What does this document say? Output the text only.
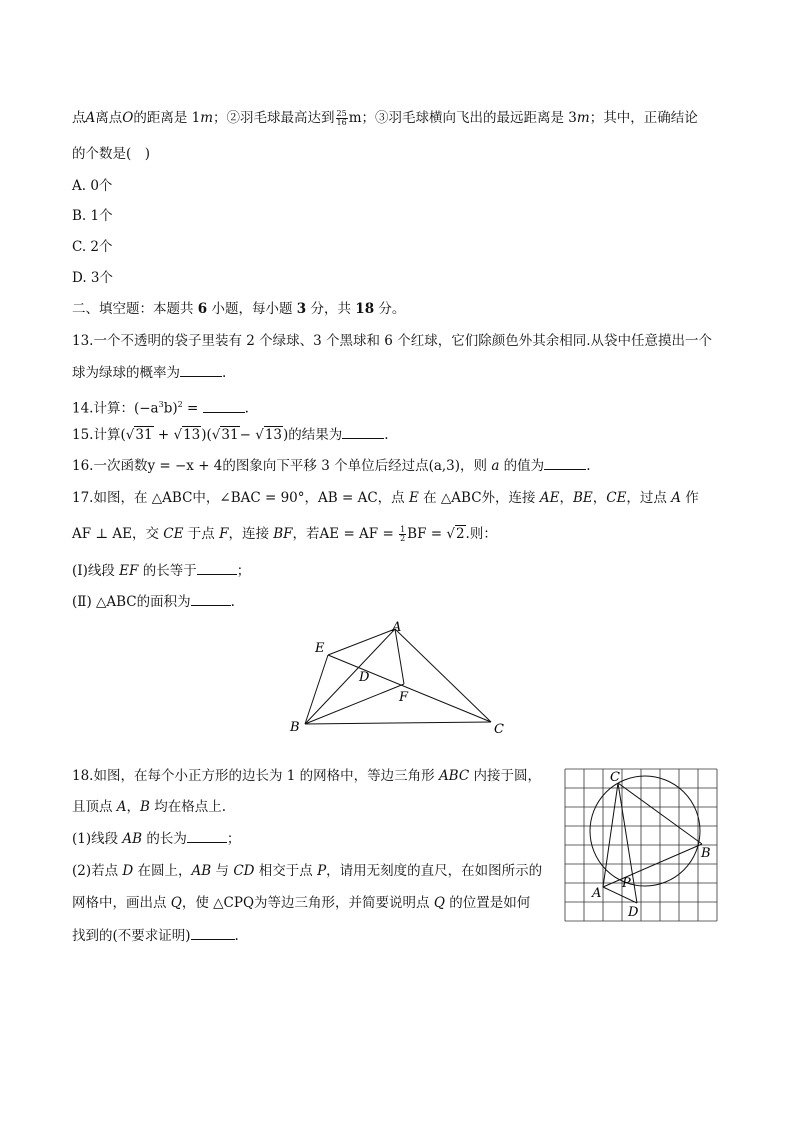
点A离点O的距离是 1m；②羽毛球最高达到 $\frac{25}{16}$ m；③羽毛球横向飞出的最远距离是 3m；其中，正确结论
的个数是(　)
A. 0个
B. 1个
C. 2个
D. 3个
二、填空题：本题共 6 小题，每小题 3 分，共 18 分。
13.一个不透明的袋子里装有 2 个绿球、3 个黑球和 6 个红球，它们除颜色外其余相同.从袋中任意摸出一个
球为绿球的概率为	.
14.计算：$(-a^3b)^2$ =	.
15.计算(√31 + √13)(√31− √13)的结果为	.
16.一次函数y = −x + 4的图象向下平移 3 个单位后经过点(a,3)，则 a 的值为	.
17.如图，在 △ABC中，∠BAC = 90°，AB = AC，点 E 在 △ABC外，连接 AE，BE，CE，过点 A 作
AF ⊥ AE，交 CE 于点 F，连接 BF，若AE = AF = $\frac{1}{2}$ BF = √2.则：
(Ⅰ)线段 EF 的长等于	；
(Ⅱ) △ABC的面积为	.
A
E
D
F
B	C
18.如图，在每个小正方形的边长为 1 的网格中，等边三角形 ABC 内接于圆，
且顶点 A，B 均在格点上.
(1)线段 AB 的长为	；
(2)若点 D 在圆上，AB 与 CD 相交于点 P，请用无刻度的直尺，在如图所示的
网格中，画出点 Q，使 △CPQ为等边三角形，并简要说明点 Q 的位置是如何
找到的(不要求证明)	.
C
B
A
P
D
